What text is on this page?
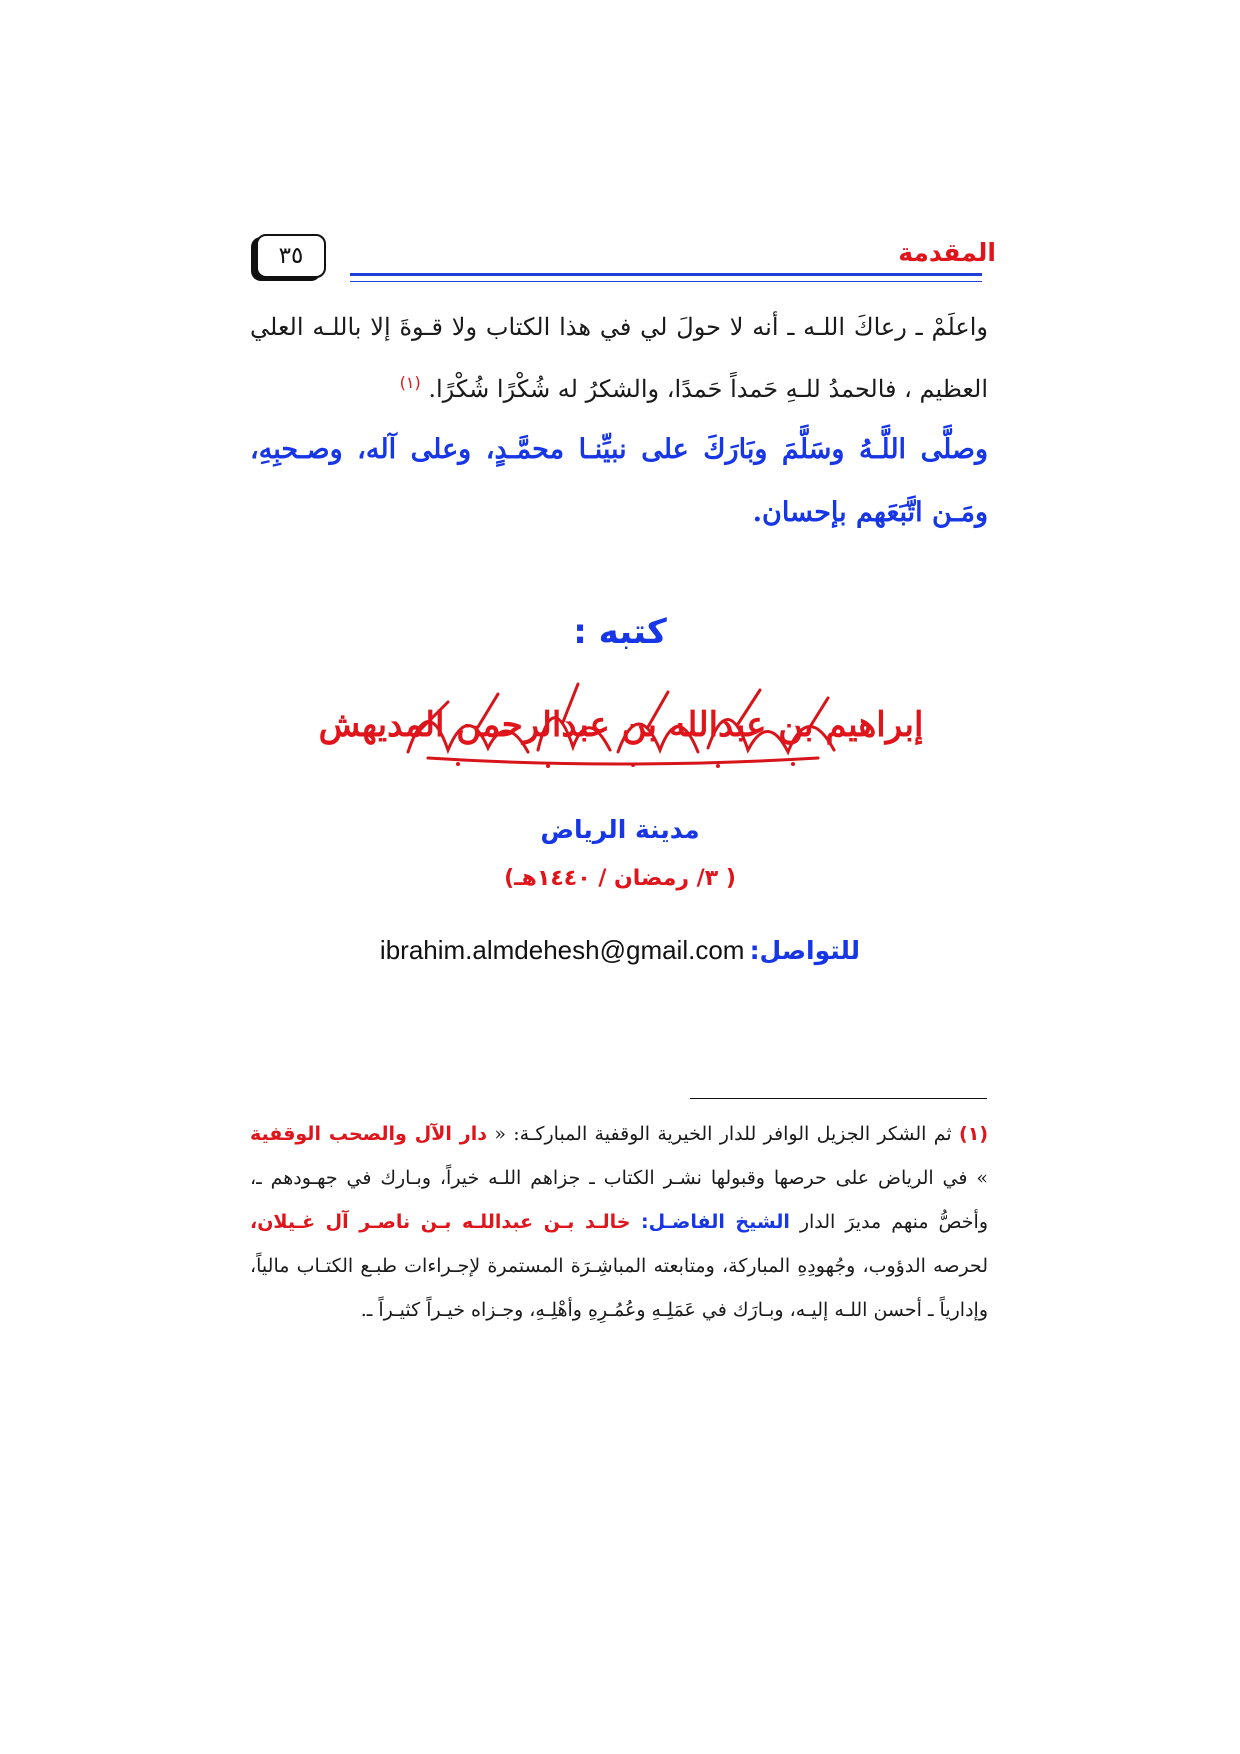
المقدمة
٣٥

واعلَمْ ـ رعاكَ اللـه ـ أنه لا حولَ لي في هذا الكتاب ولا قـوةَ إلا باللـه العلي العظيم ، فالحمدُ للـهِ حَمداً حَمدًا، والشكرُ له شُكْرًا شُكْرًا. $^{(١)}$

وصلَّى اللَّـهُ وسَلَّمَ وبَارَكَ على نبيِّنـا محمَّـدٍ، وعلى آله، وصـحبِهِ، ومَـن اتَّبَعَهم بإحسان.

كتبه :
إبراهيم بن عبدالله بن عبدالرحمن المديهش
مدينة الرياض
( ٣/ رمضان / ١٤٤٠هـ)
للتواصل: ibrahim.almdehesh@gmail.com

(١) ثم الشكر الجزيل الوافر للدار الخيرية الوقفية المباركـة: « دار الآل والصحب الوقفية » في الرياض على حرصها وقبولها نشـر الكتاب ـ جزاهم اللـه خيراً، وبـارك في جهـودهم ـ، وأخصُّ منهم مديرَ الدار الشيخ الفاضـل: خالـد بـن عبداللـه بـن ناصـر آل غـيلان، لحرصه الدؤوب، وجُهودِهِ المباركة، ومتابعته المباشِـرَة المستمرة لإجـراءات طبـع الكتـاب مالياً، وإدارياً ـ أحسن اللـه إليـه، وبـارَك في عَمَلِـهِ وعُمُـرِهِ وأهْلِـهِ، وجـزاه خيـراً كثيـراً ـ.
